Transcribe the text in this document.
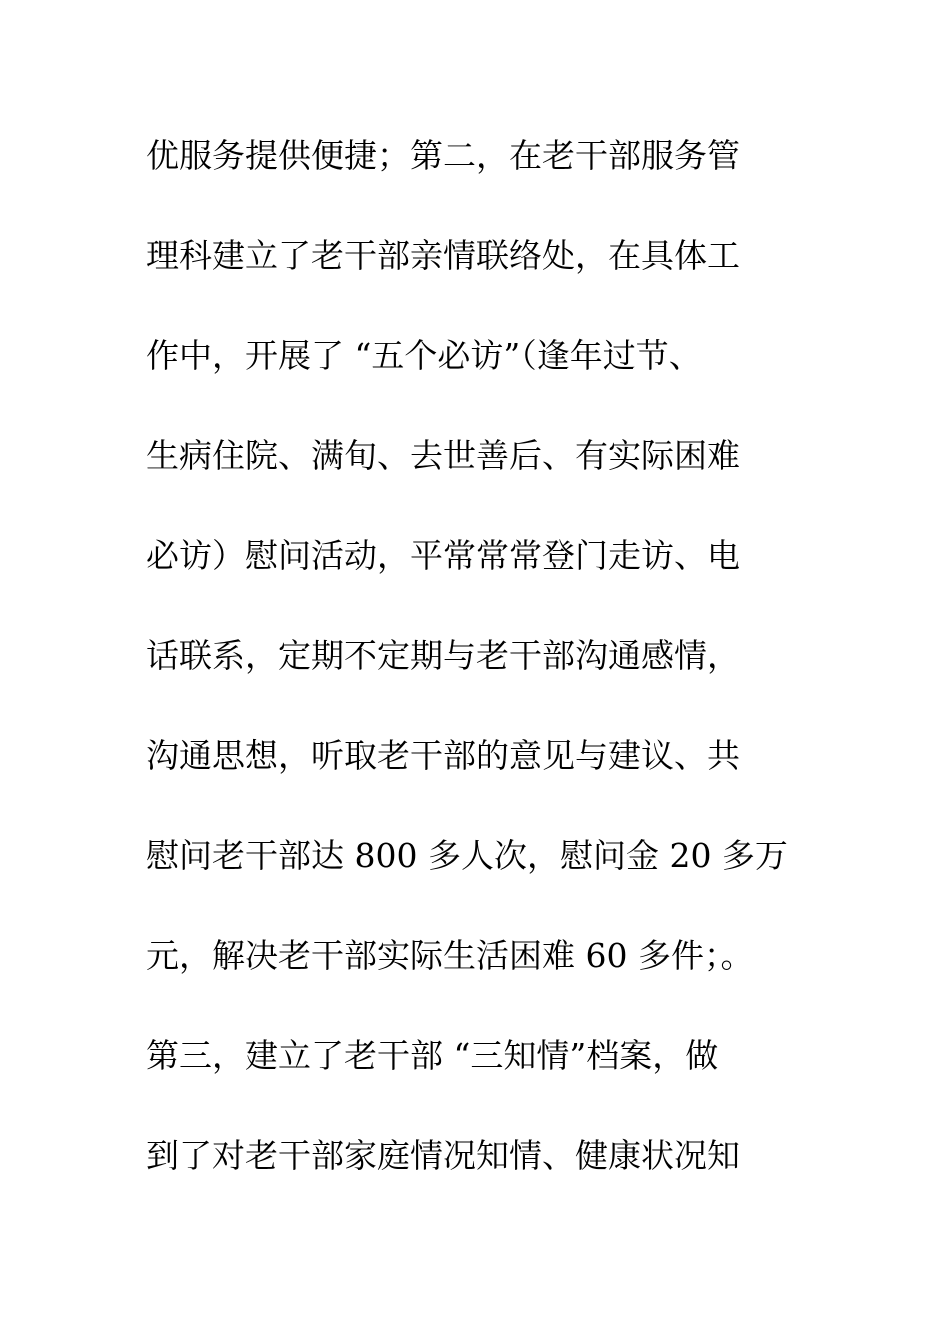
优服务提供便捷；第二，在老干部服务管
理科建立了老干部亲情联络处，在具体工
作中，开展了 “五个必访”（逢年过节、
生病住院、满旬、去世善后、有实际困难
必访）慰问活动，平常常常登门走访、电
话联系，定期不定期与老干部沟通感情，
沟通思想，听取老干部的意见与建议、共
慰问老干部达 800 多人次，慰问金 20 多万
元，解决老干部实际生活困难 60 多件；。
第三，建立了老干部 “三知情”档案，做
到了对老干部家庭情况知情、健康状况知
